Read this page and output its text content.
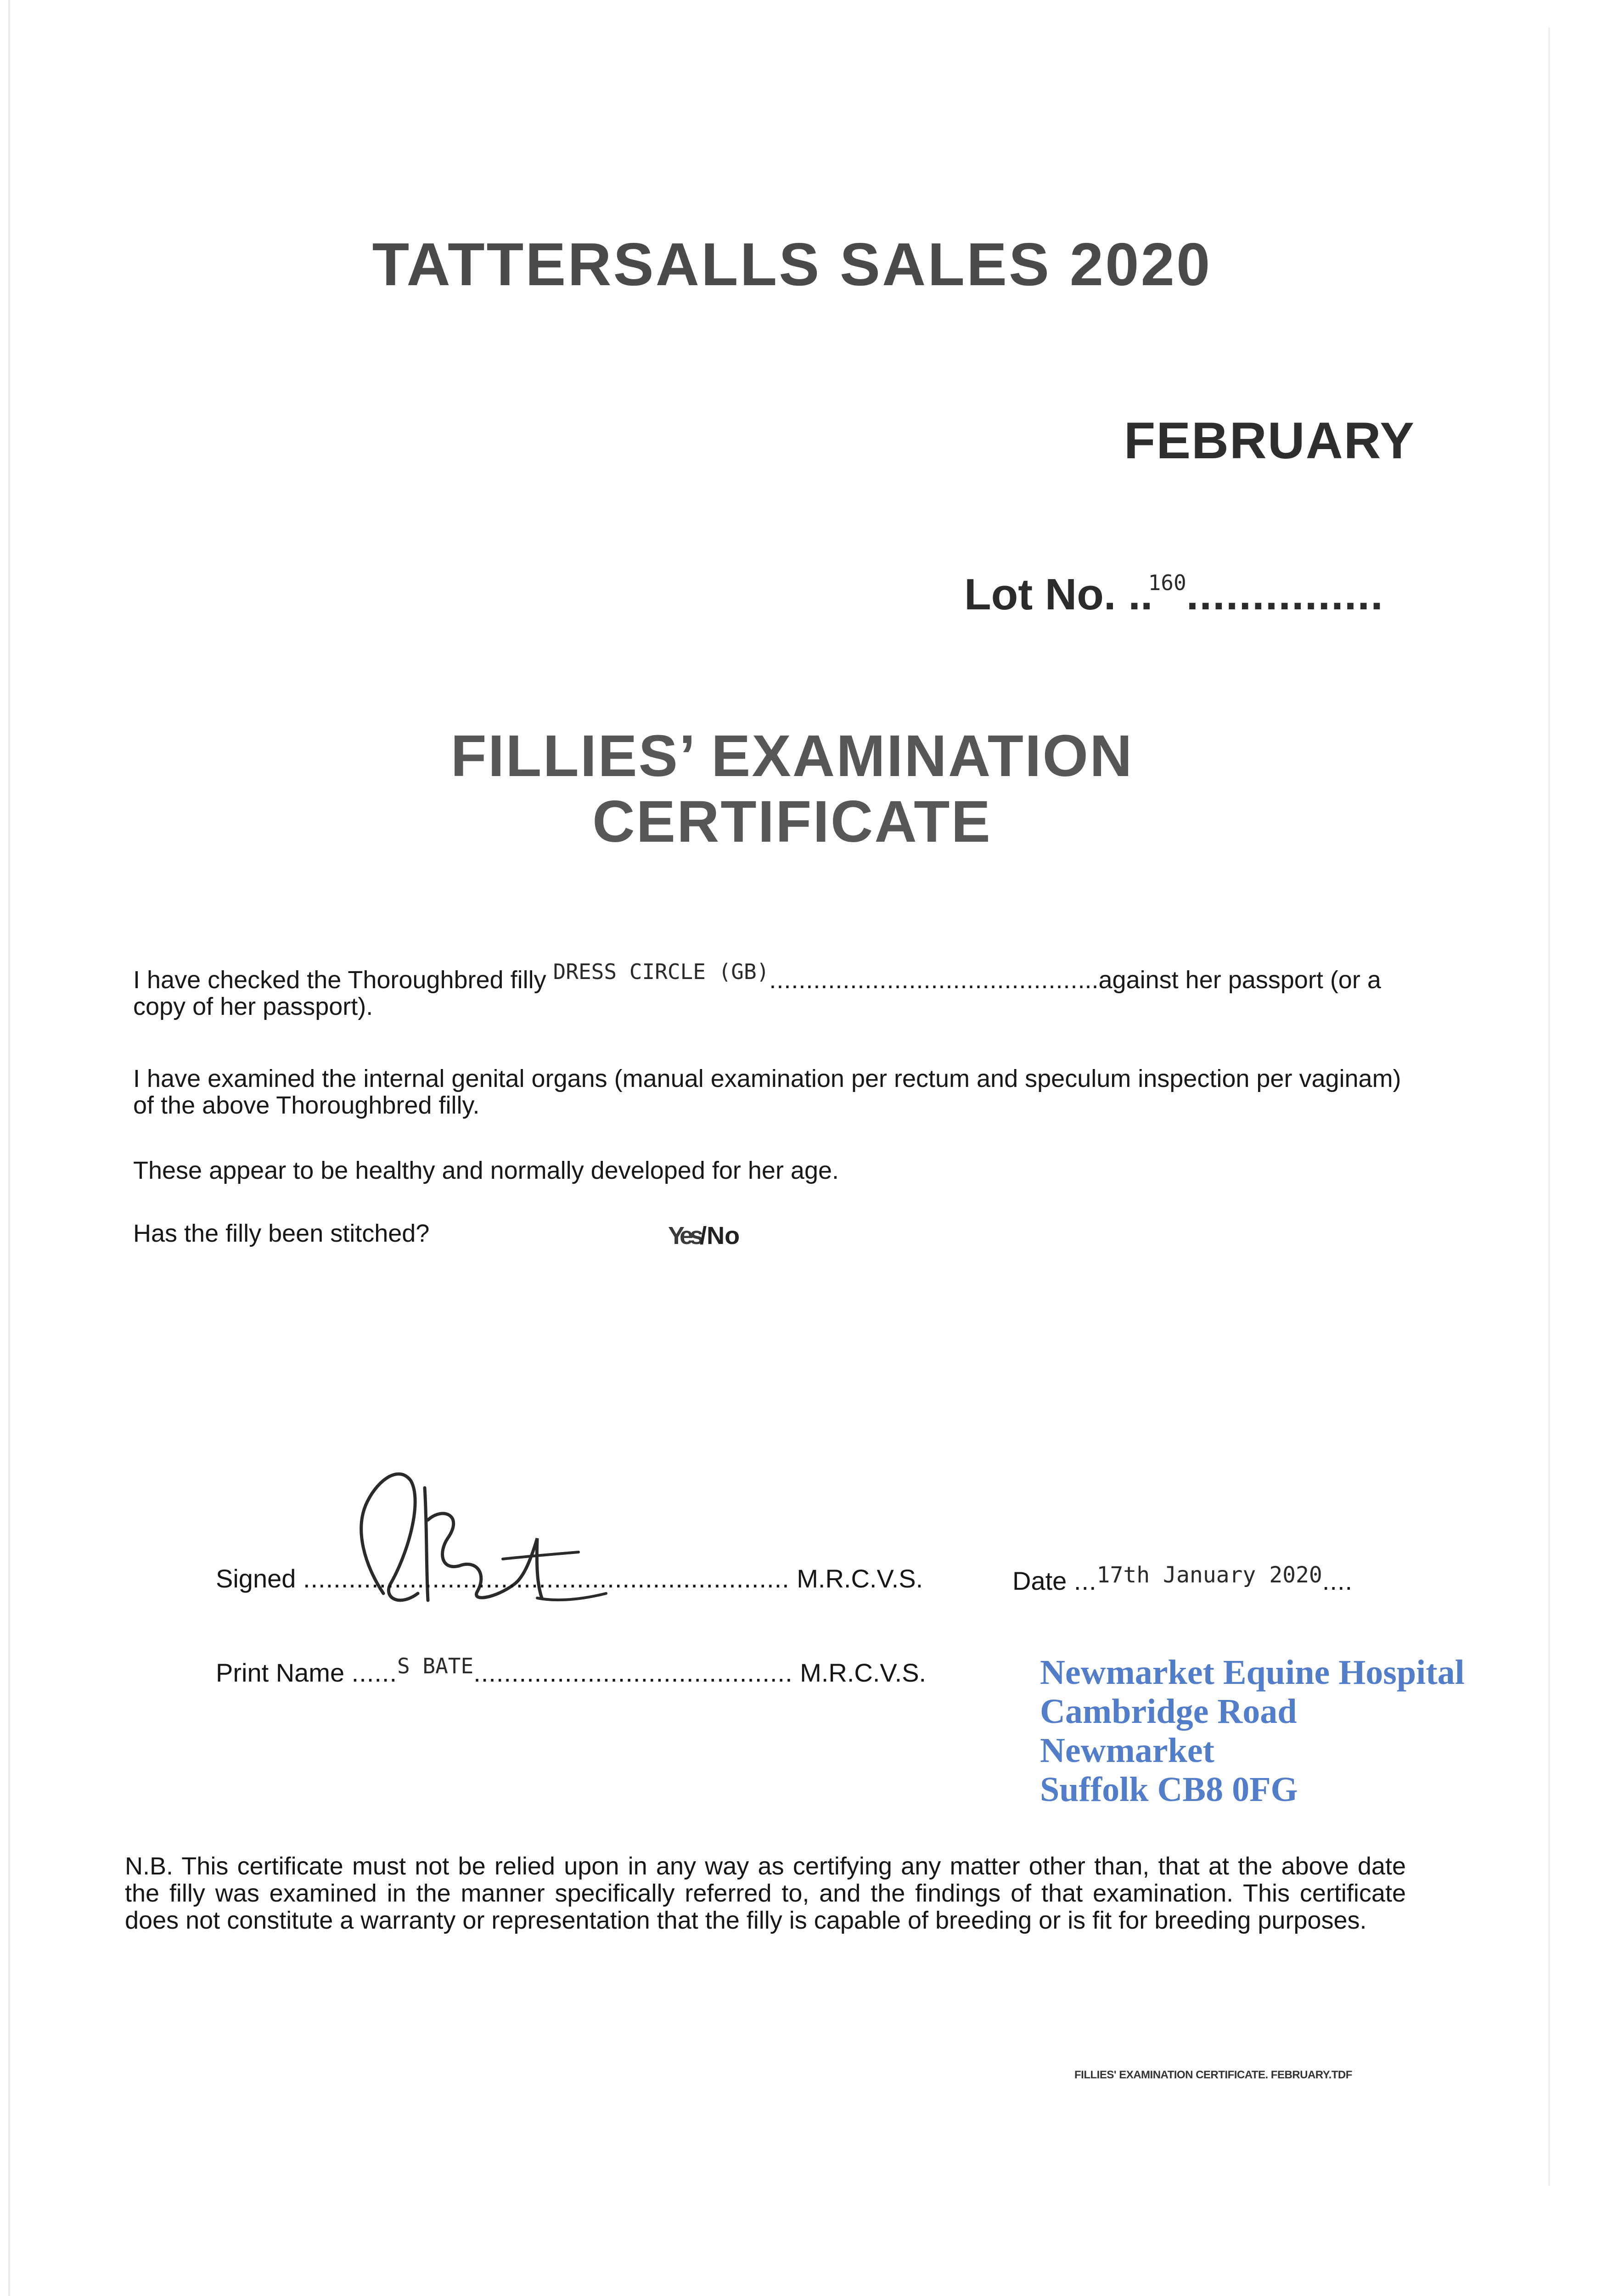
TATTERSALLS SALES 2020
FEBRUARY
Lot No. ..$^{160}$...............
FILLIES’ EXAMINATION
CERTIFICATE
I have checked the Thoroughbred filly DRESS CIRCLE (GB).............................................against her passport (or a copy of her passport).
I have examined the internal genital organs (manual examination per rectum and speculum inspection per vaginam) of the above Thoroughbred filly.
These appear to be healthy and normally developed for her age.
Has the filly been stitched?	Yes/No
Signed ................................................................ M.R.C.V.S.	Date ...17th January 2020....
Print Name ......$^{S BATE}$.......................................... M.R.C.V.S.	Newmarket Equine Hospital
Cambridge Road
Newmarket
Suffolk CB8 0FG
N.B. This certificate must not be relied upon in any way as certifying any matter other than, that at the above date the filly was examined in the manner specifically referred to, and the findings of that examination. This certificate does not constitute a warranty or representation that the filly is capable of breeding or is fit for breeding purposes.
FILLIES' EXAMINATION CERTIFICATE. FEBRUARY.TDF
